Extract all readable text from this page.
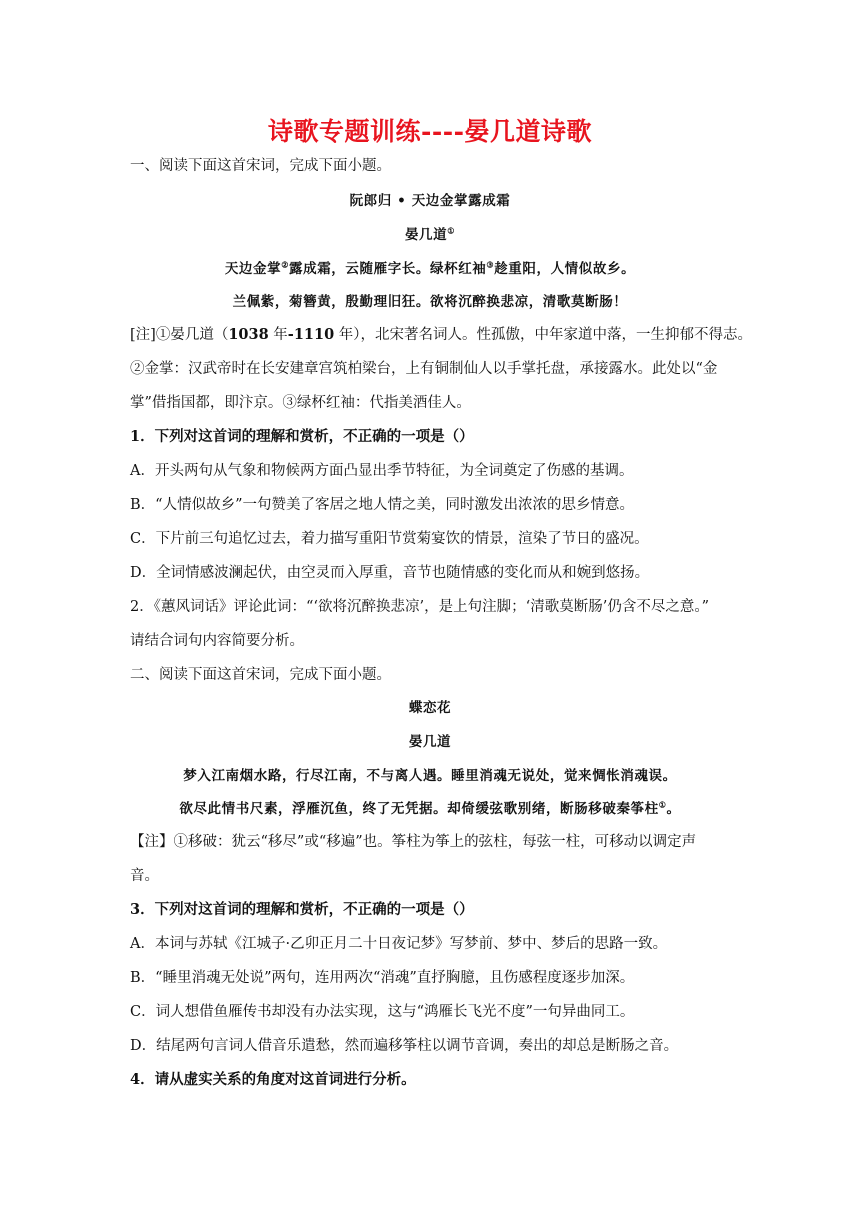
诗歌专题训练----晏几道诗歌
一、阅读下面这首宋词，完成下面小题。
阮郎归 • 天边金掌露成霜
晏几道①
天边金掌②露成霜，云随雁字长。绿杯红袖③趁重阳，人情似故乡。
兰佩紫，菊簪黄，殷勤理旧狂。欲将沉醉换悲凉，清歌莫断肠！
[注]①晏几道（1038 年-1110 年），北宋著名词人。性孤傲，中年家道中落，一生抑郁不得志。
②金掌：汉武帝时在长安建章宫筑柏梁台，上有铜制仙人以手掌托盘，承接露水。此处以“金
掌”借指国都，即汴京。③绿杯红袖：代指美酒佳人。
1．下列对这首词的理解和赏析，不正确的一项是（）
A．开头两句从气象和物候两方面凸显出季节特征，为全词奠定了伤感的基调。
B．“人情似故乡”一句赞美了客居之地人情之美，同时激发出浓浓的思乡情意。
C．下片前三句追忆过去，着力描写重阳节赏菊宴饮的情景，渲染了节日的盛况。
D．全词情感波澜起伏，由空灵而入厚重，音节也随情感的变化而从和婉到悠扬。
2．《蕙风词话》评论此词：“‘欲将沉醉换悲凉’，是上句注脚；‘清歌莫断肠’仍含不尽之意。”
请结合词句内容简要分析。
二、阅读下面这首宋词，完成下面小题。
蝶恋花
晏几道
梦入江南烟水路，行尽江南，不与离人遇。睡里消魂无说处，觉来惆怅消魂误。
欲尽此情书尺素，浮雁沉鱼，终了无凭据。却倚缓弦歌别绪，断肠移破秦筝柱①。
【注】①移破：犹云“移尽”或“移遍”也。筝柱为筝上的弦柱，每弦一柱，可移动以调定声
音。
3．下列对这首词的理解和赏析，不正确的一项是（）
A．本词与苏轼《江城子·乙卯正月二十日夜记梦》写梦前、梦中、梦后的思路一致。
B．“睡里消魂无处说”两句，连用两次“消魂”直抒胸臆，且伤感程度逐步加深。
C．词人想借鱼雁传书却没有办法实现，这与“鸿雁长飞光不度”一句异曲同工。
D．结尾两句言词人借音乐遣愁，然而遍移筝柱以调节音调，奏出的却总是断肠之音。
4．请从虚实关系的角度对这首词进行分析。
